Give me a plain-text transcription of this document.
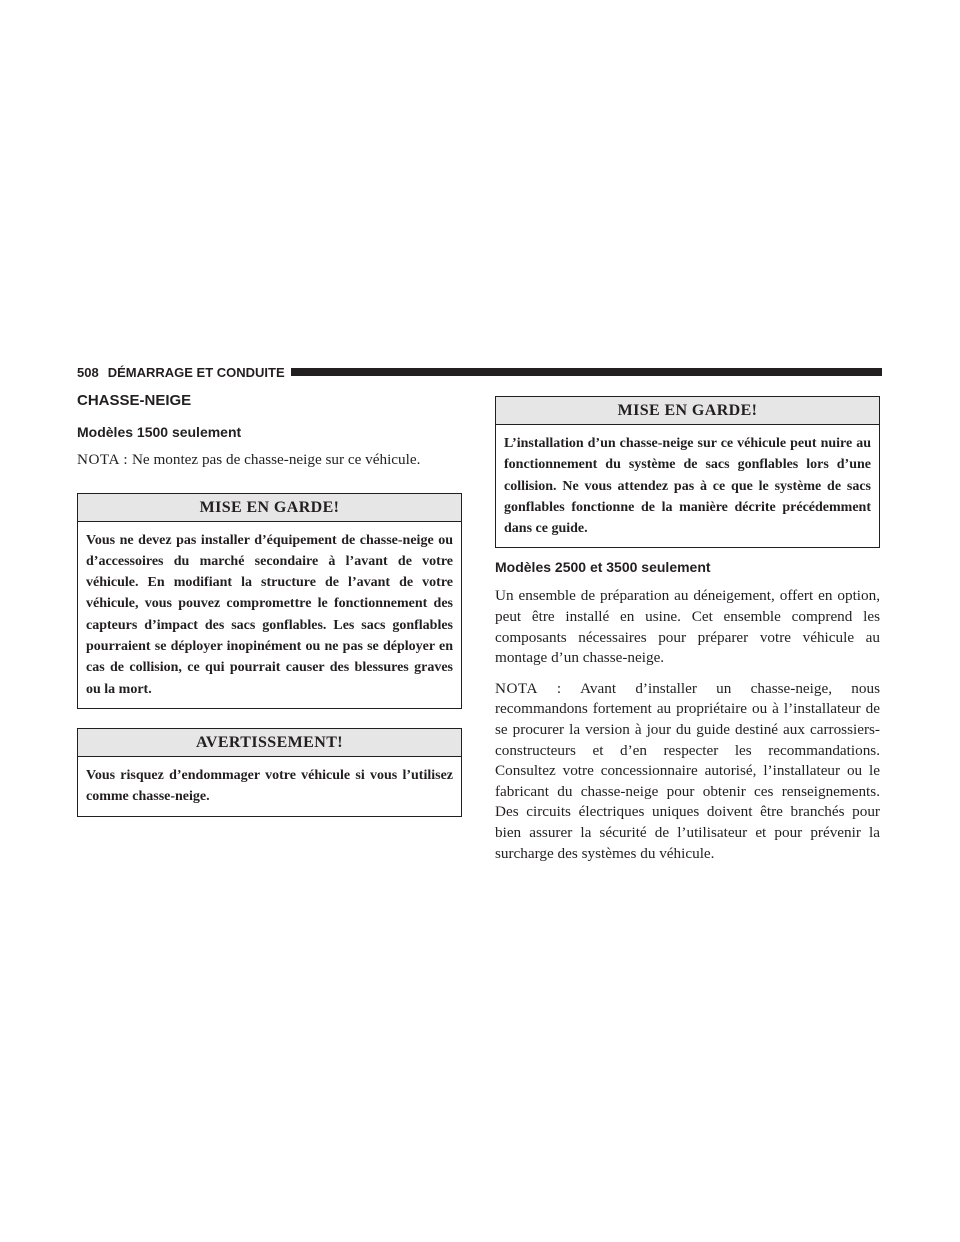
508 DÉMARRAGE ET CONDUITE
CHASSE-NEIGE
Modèles 1500 seulement

NOTA : Ne montez pas de chasse-neige sur ce véhicule.

MISE EN GARDE!
Vous ne devez pas installer d’équipement de chasse-neige ou d’accessoires du marché secondaire à l’avant de votre véhicule. En modifiant la structure de l’avant de votre véhicule, vous pouvez compromettre le fonctionnement des capteurs d’impact des sacs gonflables. Les sacs gonflables pourraient se déployer inopinément ou ne pas se déployer en cas de collision, ce qui pourrait causer des blessures graves ou la mort.
AVERTISSEMENT!
Vous risquez d’endommager votre véhicule si vous l’utilisez comme chasse-neige.
MISE EN GARDE!
L’installation d’un chasse-neige sur ce véhicule peut nuire au fonctionnement du système de sacs gonflables lors d’une collision. Ne vous attendez pas à ce que le système de sacs gonflables fonctionne de la manière décrite précédemment dans ce guide.
Modèles 2500 et 3500 seulement

Un ensemble de préparation au déneigement, offert en option, peut être installé en usine. Cet ensemble comprend les composants nécessaires pour préparer votre véhicule au montage d’un chasse-neige.

NOTA : Avant d’installer un chasse-neige, nous recommandons fortement au propriétaire ou à l’installateur de se procurer la version à jour du guide destiné aux carrossiers-constructeurs et d’en respecter les recommandations. Consultez votre concessionnaire autorisé, l’installateur ou le fabricant du chasse-neige pour obtenir ces renseignements. Des circuits électriques uniques doivent être branchés pour bien assurer la sécurité de l’utilisateur et pour prévenir la surcharge des systèmes du véhicule.
